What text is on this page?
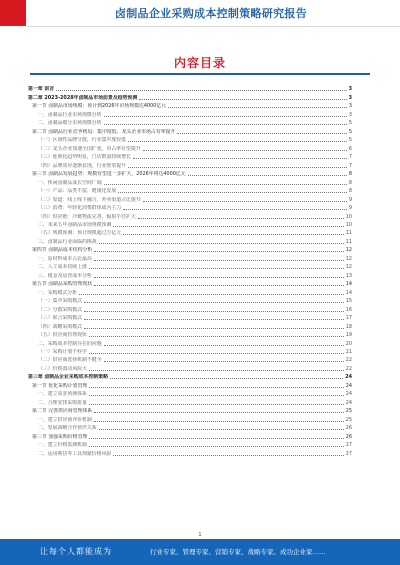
卤制品企业采购成本控制策略研究报告
内容目录
第一章 前言	3
第二章 2023-2028年卤制品市场前景及趋势预测	3
第一节 卤制品市场规模：预计到2026年市场规模达4000亿元	3
一、卤制品行业市场规模分析	3
二、卤制品细分市场规模分析	5
第二节 卤制品行业竞争格局：集中度低，龙头企业市场占有率提升	5
（一）区域性品牌分散，行业集中度较低	5
（二）龙头企业加速全国扩张，市占率有望提升	6
（三）连锁化趋势明显，门店数量持续增长	7
（四）品牌效应逐渐显现，行业壁垒提升	7
第三节 卤制品发展趋势：规模有望进一步扩大，2026年将达4000亿元	8
一、休闲卤制品成长空间广阔	8
（一）产品：品类丰富，健康化发展	8
（二）渠道：线上线下融合，外卖渠道占比提升	9
（三）消费：年轻化消费群体成为主力	9
（四）供应链：冷链物流完善，辐射半径扩大	10
二、未来五年卤制品市场规模预测	10
（五）规模预测：预计规模超过万亿元	11
三、卤制品行业面临的挑战	11
第四节 卤制品成本结构分析	12
一、原材料成本占比最高	12
二、人工成本持续上涨	12
三、租金及运营成本分析	13
第五节 卤制品采购管理现状	14
一、采购模式分析	14
（一）集中采购模式	15
（二）分散采购模式	16
（三）联合采购模式	17
（四）战略采购模式	18
（五）供应商管理现状	19
二、采购成本控制存在的问题	20
（一）采购计划不科学	21
（二）供应商选择机制不健全	22
（三）价格波动风险大	22
第三章 卤制品企业采购成本控制策略	24
第一节 优化采购计划管理	24
一、建立需求预测体系	24
二、合理安排采购批量	24
第二节 完善供应商管理体系	25
一、建立供应商评价机制	25
二、发展战略合作伙伴关系	26
第三节 加强采购价格管理	26
一、建立价格监测机制	27
二、运用期货等工具规避价格风险	27
1
让每个人都能成为	行业专家、管理专家、营销专家、战略专家、成功企业家……
